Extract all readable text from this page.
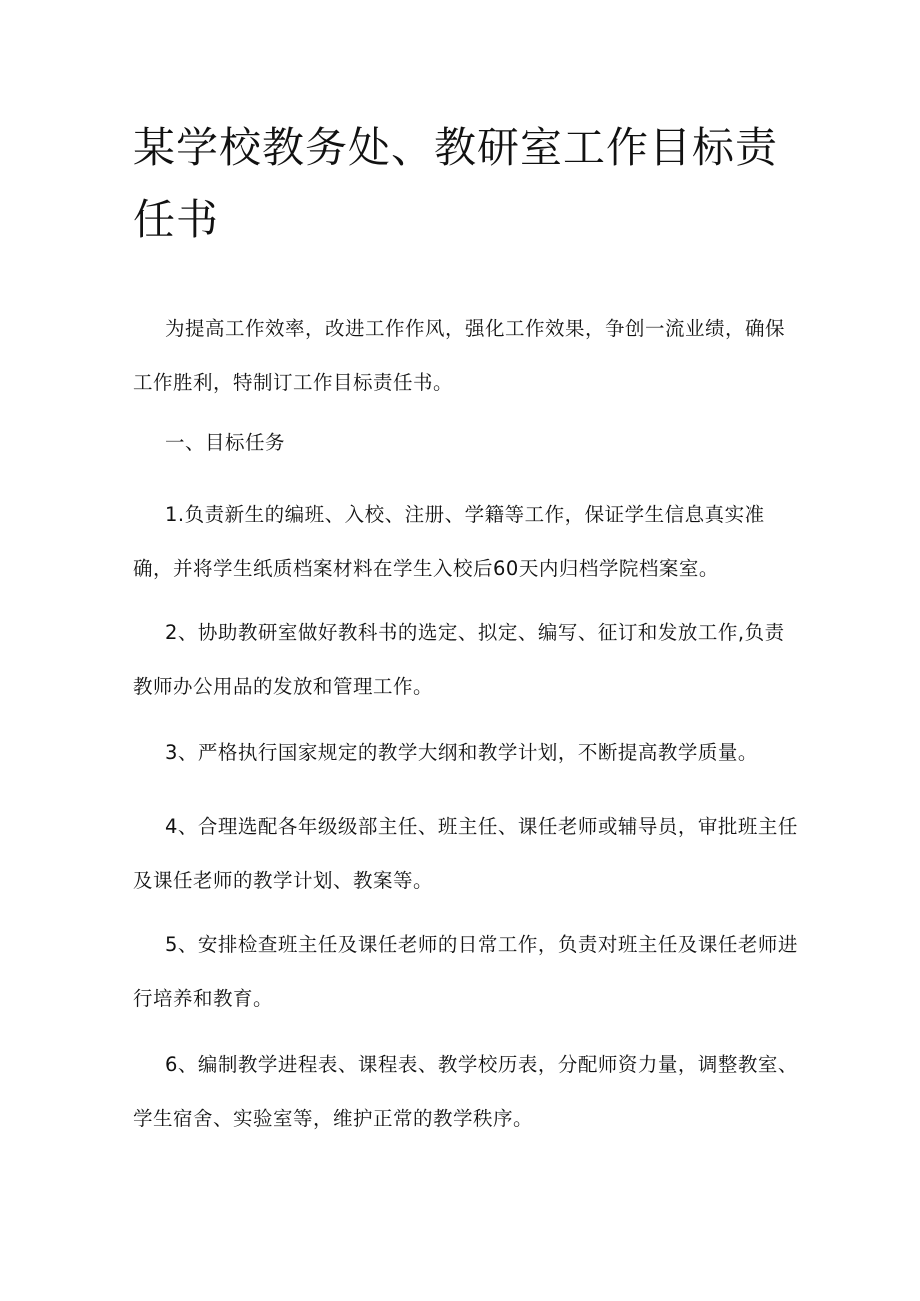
某学校教务处、教研室工作目标责任书

为提高工作效率，改进工作作风，强化工作效果，争创一流业绩，确保工作胜利，特制订工作目标责任书。

一、目标任务

1.负责新生的编班、入校、注册、学籍等工作，保证学生信息真实准确，并将学生纸质档案材料在学生入校后60天内归档学院档案室。

2、协助教研室做好教科书的选定、拟定、编写、征订和发放工作,负责教师办公用品的发放和管理工作。

3、严格执行国家规定的教学大纲和教学计划，不断提高教学质量。

4、合理选配各年级级部主任、班主任、课任老师或辅导员，审批班主任及课任老师的教学计划、教案等。

5、安排检查班主任及课任老师的日常工作，负责对班主任及课任老师进行培养和教育。

6、编制教学进程表、课程表、教学校历表，分配师资力量，调整教室、学生宿舍、实验室等，维护正常的教学秩序。
